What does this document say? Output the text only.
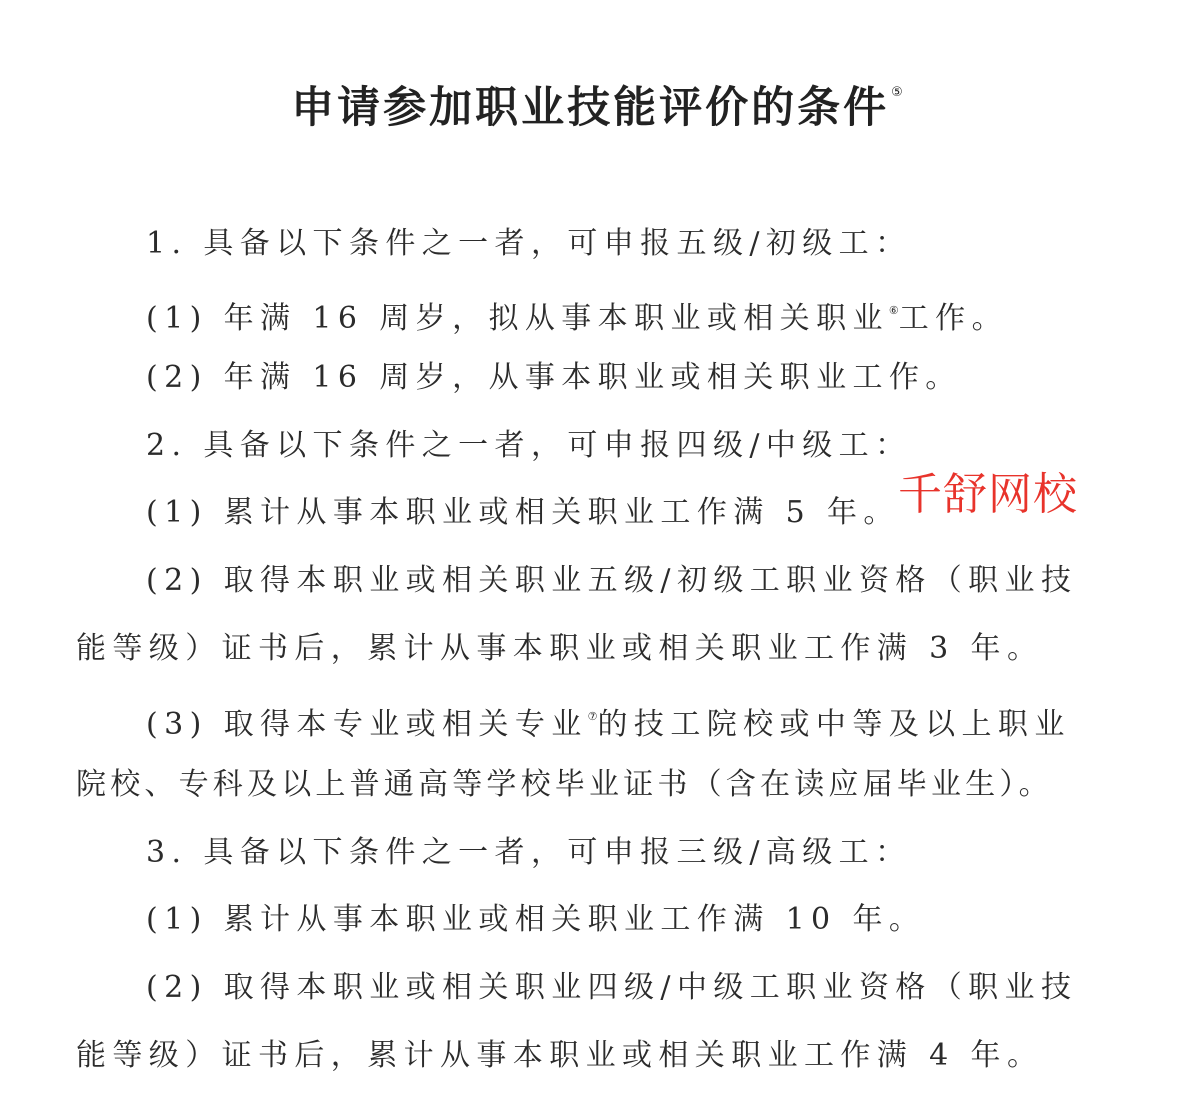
申请参加职业技能评价的条件 ⑤
1. 具备以下条件之一者，可申报五级/初级工：
(1) 年满 16 周岁，拟从事本职业或相关职业⑥工作。
(2) 年满 16 周岁，从事本职业或相关职业工作。
2. 具备以下条件之一者，可申报四级/中级工：
(1) 累计从事本职业或相关职业工作满 5 年。
(2) 取得本职业或相关职业五级/初级工职业资格（职业技
能等级）证书后，累计从事本职业或相关职业工作满 3 年。
(3) 取得本专业或相关专业⑦的技工院校或中等及以上职业
院校、专科及以上普通高等学校毕业证书（含在读应届毕业生）。
3. 具备以下条件之一者，可申报三级/高级工：
(1) 累计从事本职业或相关职业工作满 10 年。
(2) 取得本职业或相关职业四级/中级工职业资格（职业技
能等级）证书后，累计从事本职业或相关职业工作满 4 年。
千舒网校
